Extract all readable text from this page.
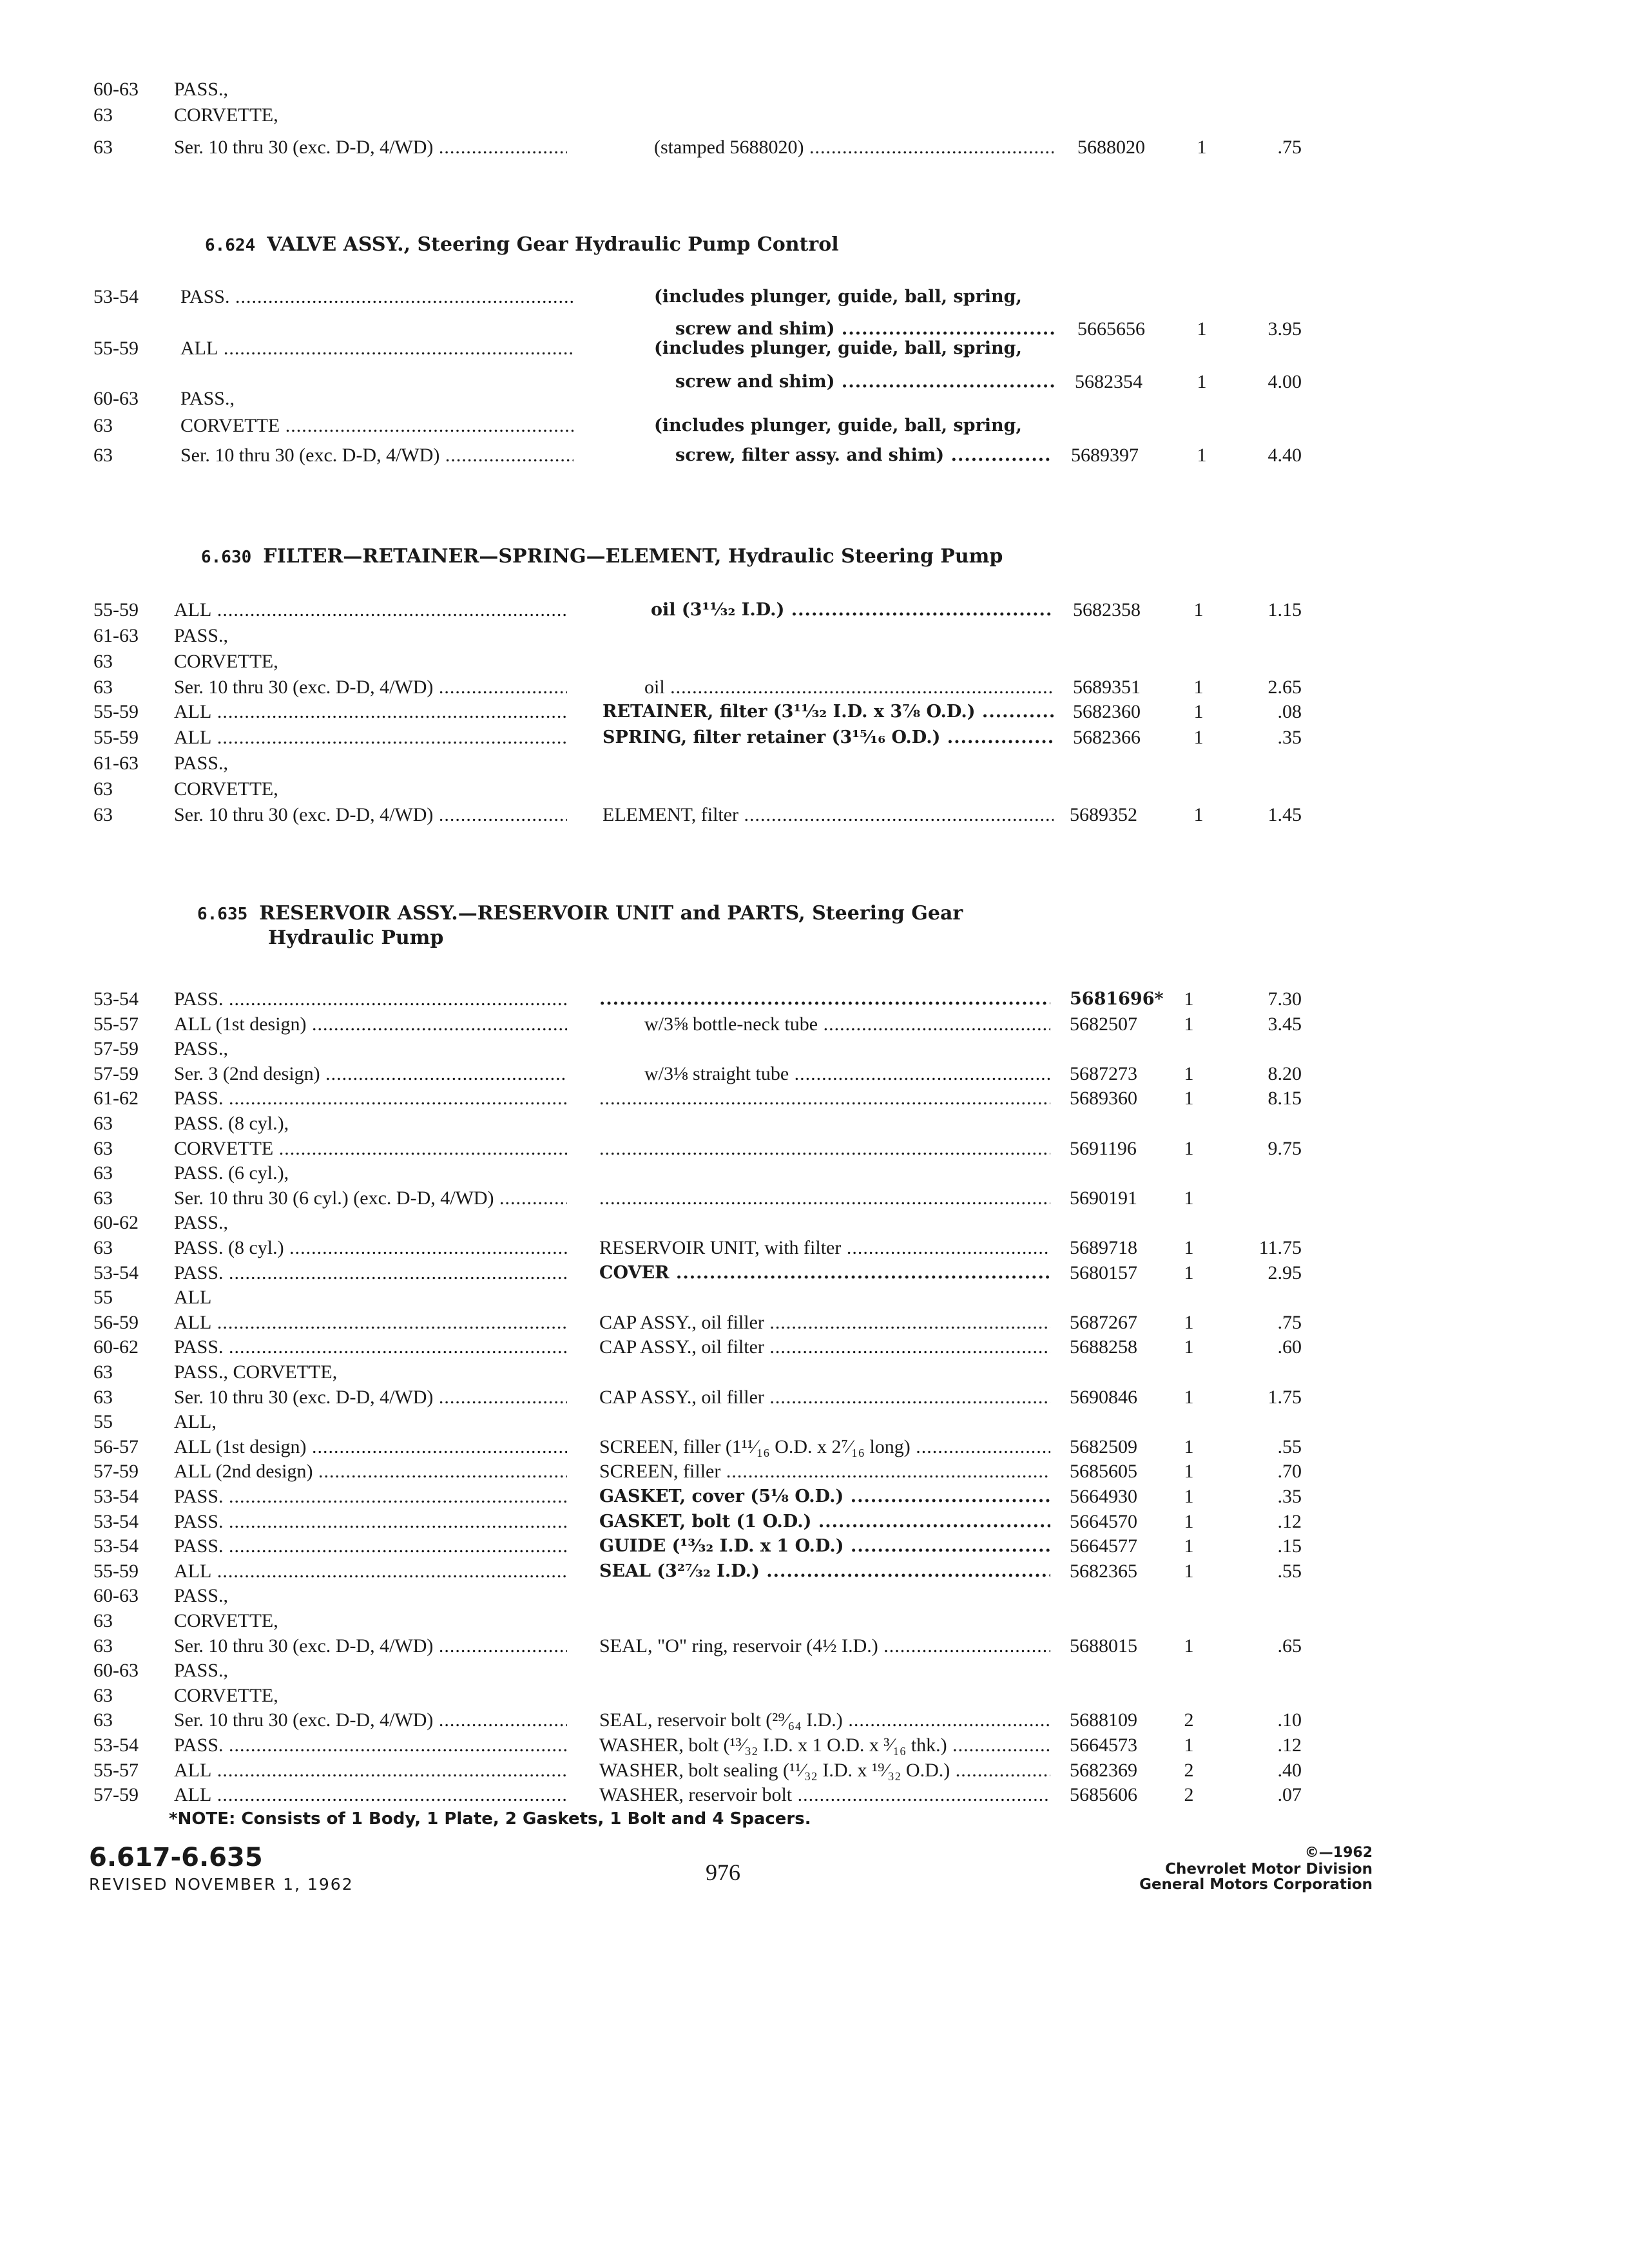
60-63	PASS.,
63	CORVETTE,
63	Ser. 10 thru 30 (exc. D-D, 4/WD) .....	(stamped 5688020) .....	5688020	1	.75
6.624 VALVE ASSY., Steering Gear Hydraulic Pump Control
53-54	PASS. .....	(includes plunger, guide, ball, spring,
screw and shim) .....	5665656	1	3.95
55-59	ALL .....	(includes plunger, guide, ball, spring,
screw and shim) .....	5682354	1	4.00
60-63	PASS.,
63	CORVETTE .....	(includes plunger, guide, ball, spring,
63	Ser. 10 thru 30 (exc. D-D, 4/WD) .....	screw, filter assy. and shim) .....	5689397	1	4.40
6.630 FILTER—RETAINER—SPRING—ELEMENT, Hydraulic Steering Pump
55-59	ALL .....	oil (3¹¹⁄₃₂ I.D.) .....	5682358	1	1.15
61-63	PASS.,
63	CORVETTE,
63	Ser. 10 thru 30 (exc. D-D, 4/WD) .....	oil .....	5689351	1	2.65
55-59	ALL .....	RETAINER, filter (3¹¹⁄₃₂ I.D. x 3⅞ O.D.) .....	5682360	1	.08
55-59	ALL .....	SPRING, filter retainer (3¹⁵⁄₁₆ O.D.) .....	5682366	1	.35
61-63	PASS.,
63	CORVETTE,
63	Ser. 10 thru 30 (exc. D-D, 4/WD) .....	ELEMENT, filter .....	5689352	1	1.45
6.635 RESERVOIR ASSY.—RESERVOIR UNIT and PARTS, Steering Gear
Hydraulic Pump
53-54	PASS. ..... .....	5681696*	1	7.30
55-57	ALL (1st design) .....	w/3⅝ bottle-neck tube .....	5682507	1	3.45
57-59	PASS.,
57-59	Ser. 3 (2nd design) .....	w/3⅛ straight tube .....	5687273	1	8.20
61-62	PASS. ..... .....	5689360	1	8.15
63	PASS. (8 cyl.),
63	CORVETTE ..... .....	5691196	1	9.75
63	PASS. (6 cyl.),
63	Ser. 10 thru 30 (6 cyl.) (exc. D-D, 4/WD) ..... .....	5690191	1
60-62	PASS.,
63	PASS. (8 cyl.) .....	RESERVOIR UNIT, with filter .....	5689718	1	11.75
53-54	PASS. .....	COVER .....	5680157	1	2.95
55	ALL
56-59	ALL .....	CAP ASSY., oil filler .....	5687267	1	.75
60-62	PASS. .....	CAP ASSY., oil filter .....	5688258	1	.60
63	PASS., CORVETTE,
63	Ser. 10 thru 30 (exc. D-D, 4/WD) .....	CAP ASSY., oil filler .....	5690846	1	1.75
55	ALL,
56-57	ALL (1st design) .....	SCREEN, filler (1¹¹⁄₁₆ O.D. x 2⁷⁄₁₆ long) .....	5682509	1	.55
57-59	ALL (2nd design) .....	SCREEN, filler .....	5685605	1	.70
53-54	PASS. .....	GASKET, cover (5⅛ O.D.) .....	5664930	1	.35
53-54	PASS. .....	GASKET, bolt (1 O.D.) .....	5664570	1	.12
53-54	PASS. .....	GUIDE (¹³⁄₃₂ I.D. x 1 O.D.) .....	5664577	1	.15
55-59	ALL .....	SEAL (3²⁷⁄₃₂ I.D.) .....	5682365	1	.55
60-63	PASS.,
63	CORVETTE,
63	Ser. 10 thru 30 (exc. D-D, 4/WD) .....	SEAL, "O" ring, reservoir (4½ I.D.) .....	5688015	1	.65
60-63	PASS.,
63	CORVETTE,
63	Ser. 10 thru 30 (exc. D-D, 4/WD) .....	SEAL, reservoir bolt (²⁹⁄₆₄ I.D.) .....	5688109	2	.10
53-54	PASS. .....	WASHER, bolt (¹³⁄₃₂ I.D. x 1 O.D. x ³⁄₁₆ thk.) .....	5664573	1	.12
55-57	ALL .....	WASHER, bolt sealing (¹¹⁄₃₂ I.D. x ¹⁹⁄₃₂ O.D.) .....	5682369	2	.40
57-59	ALL .....	WASHER, reservoir bolt .....	5685606	2	.07
*NOTE: Consists of 1 Body, 1 Plate, 2 Gaskets, 1 Bolt and 4 Spacers.
6.617-6.635
REVISED NOVEMBER 1, 1962	976
©—1962
Chevrolet Motor Division
General Motors Corporation
